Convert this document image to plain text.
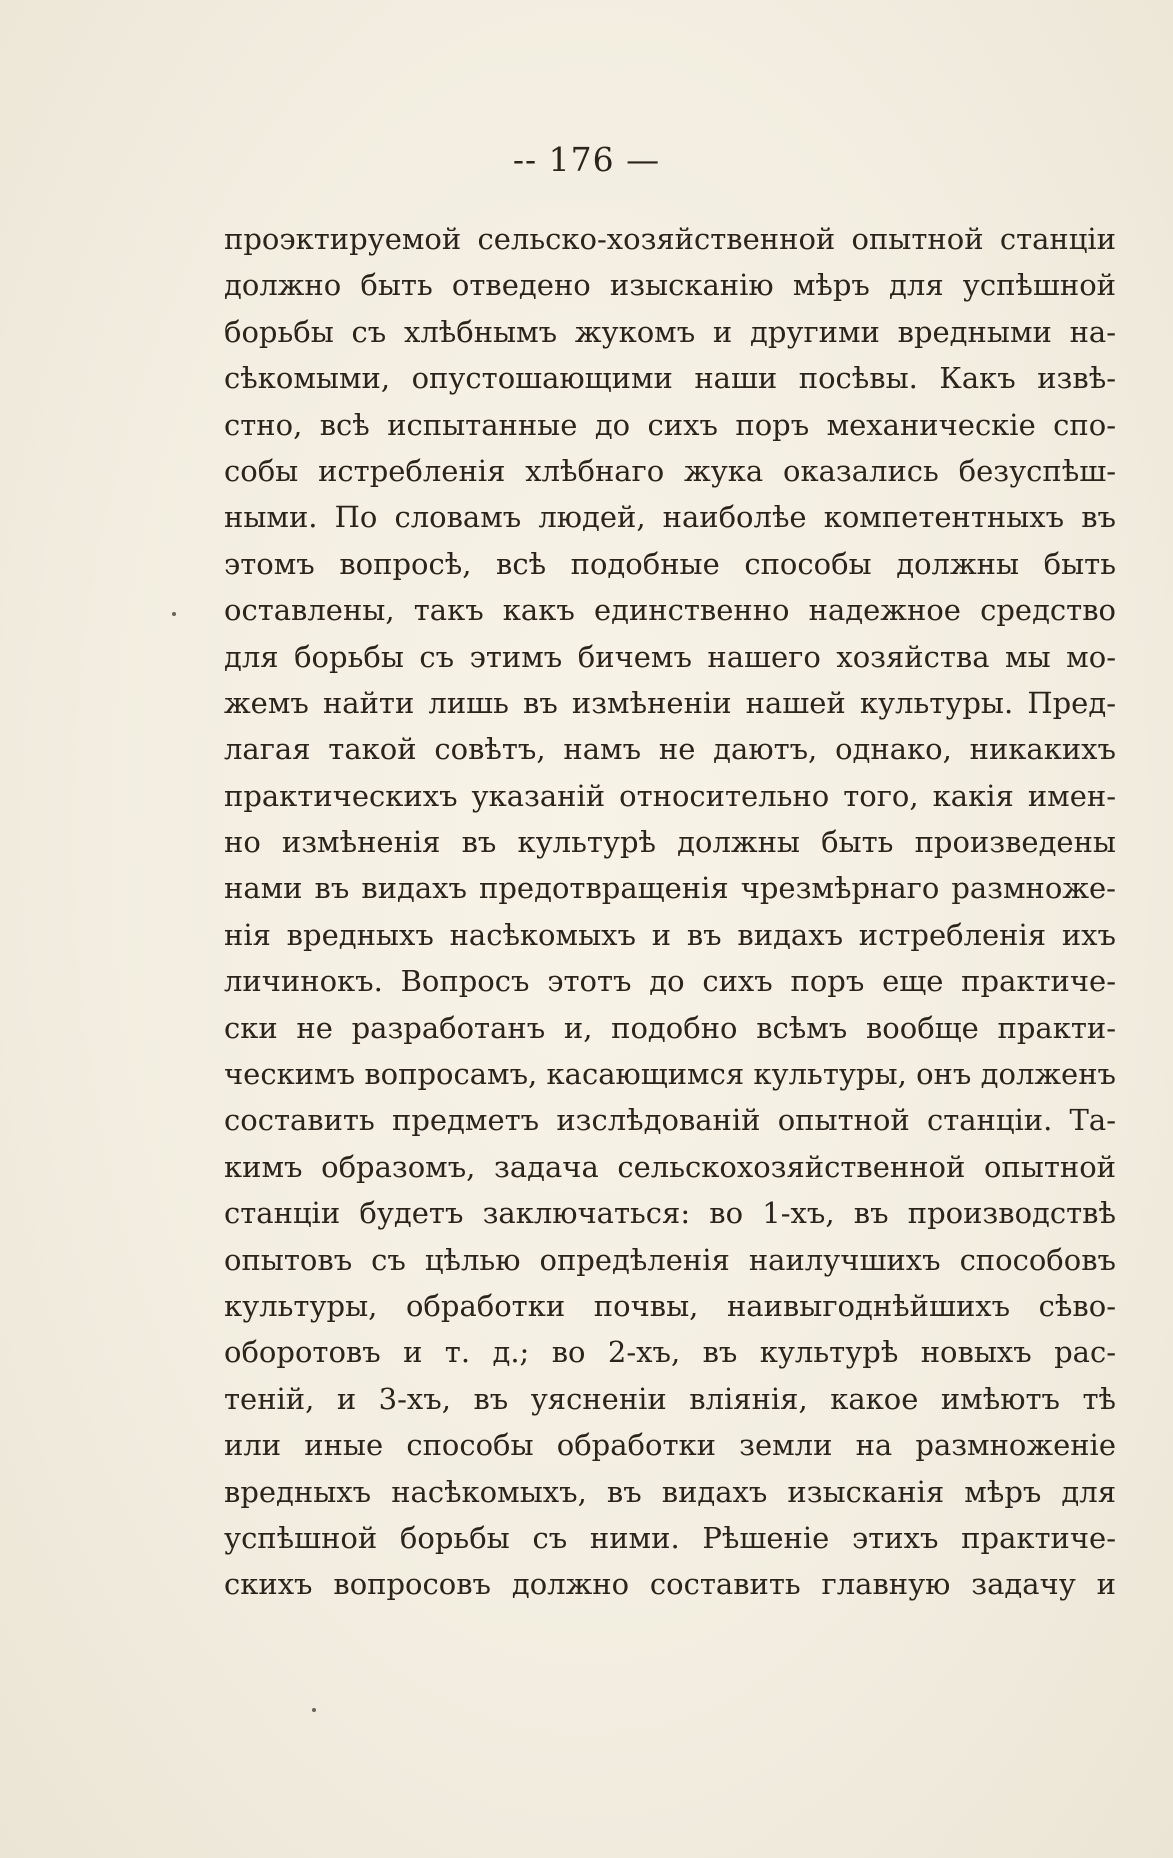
-- 176 —
проэктируемой сельско-хозяйственной опытной станціи
должно быть отведено изысканію мѣръ для успѣшной
борьбы съ хлѣбнымъ жукомъ и другими вредными на-
сѣкомыми, опустошающими наши посѣвы. Какъ извѣ-
стно, всѣ испытанные до сихъ поръ механическіе спо-
собы истребленія хлѣбнаго жука оказались безуспѣш-
ными. По словамъ людей, наиболѣе компетентныхъ въ
этомъ вопросѣ, всѣ подобные способы должны быть
оставлены, такъ какъ единственно надежное средство
для борьбы съ этимъ бичемъ нашего хозяйства мы мо-
жемъ найти лишь въ измѣненіи нашей культуры. Пред-
лагая такой совѣтъ, намъ не даютъ, однако, никакихъ
практическихъ указаній относительно того, какія имен-
но измѣненія въ культурѣ должны быть произведены
нами въ видахъ предотвращенія чрезмѣрнаго размноже-
нія вредныхъ насѣкомыхъ и въ видахъ истребленія ихъ
личинокъ. Вопросъ этотъ до сихъ поръ еще практиче-
ски не разработанъ и, подобно всѣмъ вообще практи-
ческимъ вопросамъ, касающимся культуры, онъ долженъ
составить предметъ изслѣдованій опытной станціи. Та-
кимъ образомъ, задача сельскохозяйственной опытной
станціи будетъ заключаться: во 1-хъ, въ производствѣ
опытовъ съ цѣлью опредѣленія наилучшихъ способовъ
культуры, обработки почвы, наивыгоднѣйшихъ сѣво-
оборотовъ и т. д.; во 2-хъ, въ культурѣ новыхъ рас-
теній, и 3-хъ, въ уясненіи вліянія, какое имѣютъ тѣ
или иные способы обработки земли на размноженіе
вредныхъ насѣкомыхъ, въ видахъ изысканія мѣръ для
успѣшной борьбы съ ними. Рѣшеніе этихъ практиче-
скихъ вопросовъ должно составить главную задачу и
